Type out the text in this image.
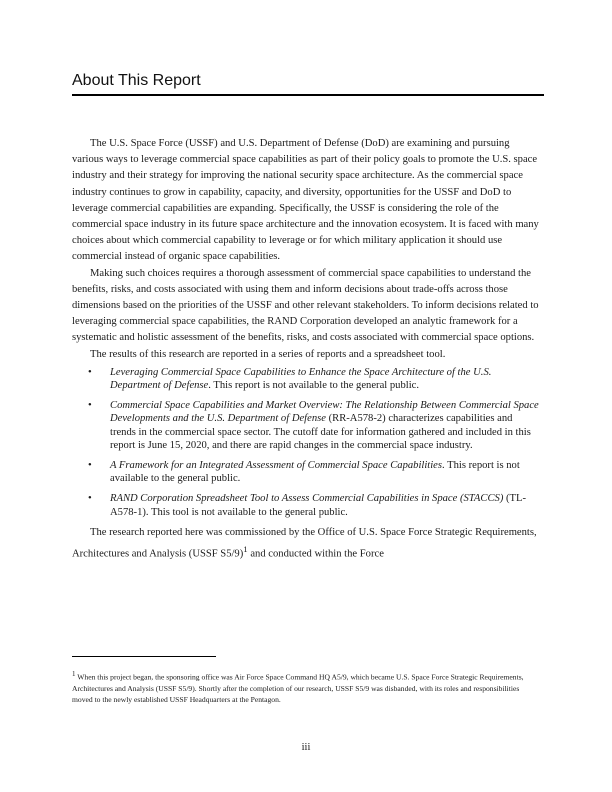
About This Report

The U.S. Space Force (USSF) and U.S. Department of Defense (DoD) are examining and pursuing various ways to leverage commercial space capabilities as part of their policy goals to promote the U.S. space industry and their strategy for improving the national security space architecture. As the commercial space industry continues to grow in capability, capacity, and diversity, opportunities for the USSF and DoD to leverage commercial capabilities are expanding. Specifically, the USSF is considering the role of the commercial space industry in its future space architecture and the innovation ecosystem. It is faced with many choices about which commercial capability to leverage or for which military application it should use commercial instead of organic space capabilities.

Making such choices requires a thorough assessment of commercial space capabilities to understand the benefits, risks, and costs associated with using them and inform decisions about trade-offs across those dimensions based on the priorities of the USSF and other relevant stakeholders. To inform decisions related to leveraging commercial space capabilities, the RAND Corporation developed an analytic framework for a systematic and holistic assessment of the benefits, risks, and costs associated with commercial space options.

The results of this research are reported in a series of reports and a spreadsheet tool.

• Leveraging Commercial Space Capabilities to Enhance the Space Architecture of the U.S. Department of Defense. This report is not available to the general public.
• Commercial Space Capabilities and Market Overview: The Relationship Between Commercial Space Developments and the U.S. Department of Defense (RR-A578-2) characterizes capabilities and trends in the commercial space sector. The cutoff date for information gathered and included in this report is June 15, 2020, and there are rapid changes in the commercial space industry.
• A Framework for an Integrated Assessment of Commercial Space Capabilities. This report is not available to the general public.
• RAND Corporation Spreadsheet Tool to Assess Commercial Capabilities in Space (STACCS) (TL-A578-1). This tool is not available to the general public.

The research reported here was commissioned by the Office of U.S. Space Force Strategic Requirements, Architectures and Analysis (USSF S5/9)$^1$ and conducted within the Force

$^1$ When this project began, the sponsoring office was Air Force Space Command HQ A5/9, which became U.S. Space Force Strategic Requirements, Architectures and Analysis (USSF S5/9). Shortly after the completion of our research, USSF S5/9 was disbanded, with its roles and responsibilities moved to the newly established USSF Headquarters at the Pentagon.

iii
